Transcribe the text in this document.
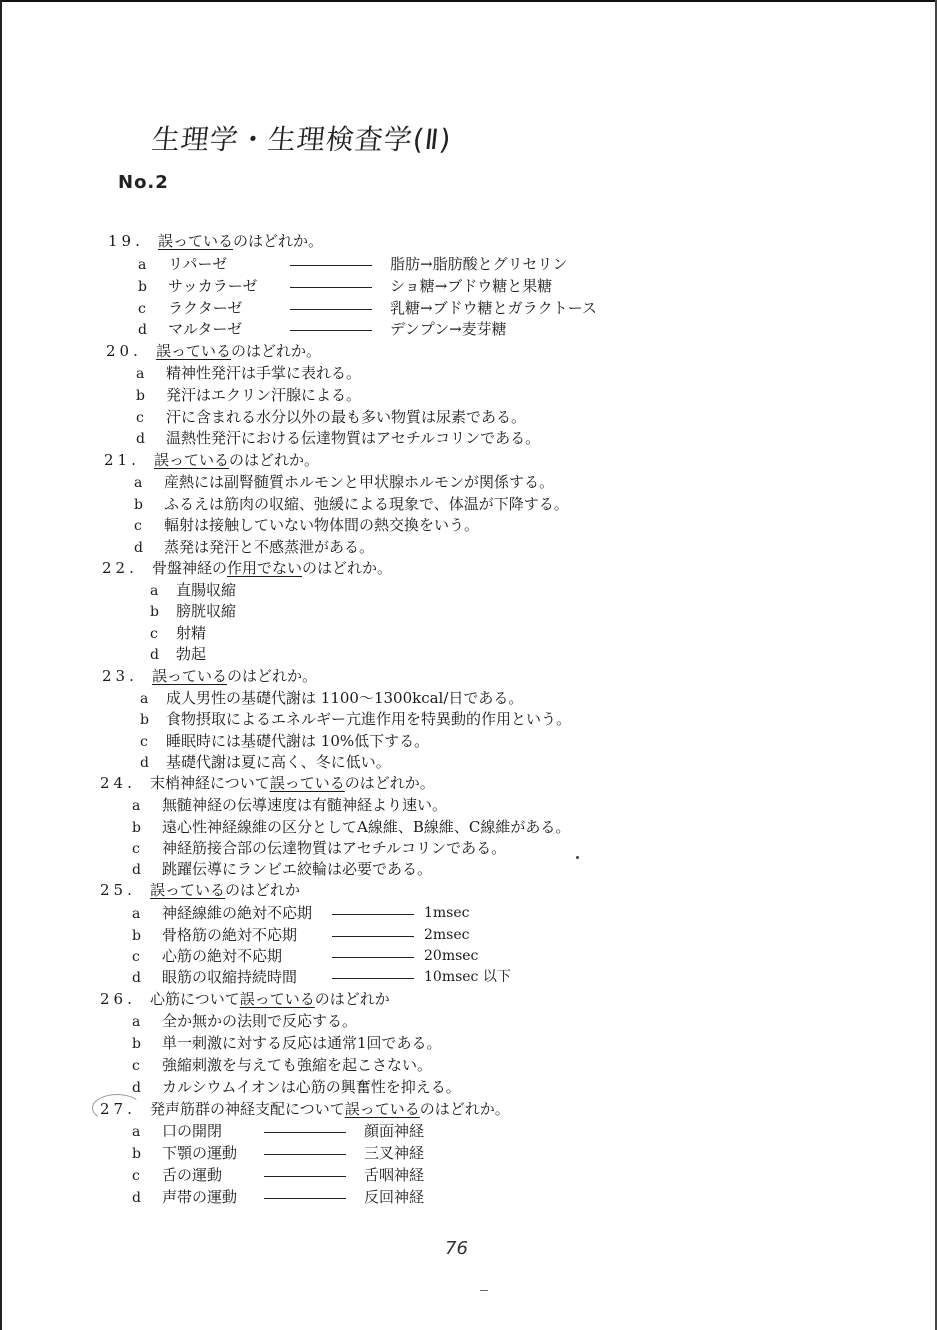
生理学・生理検査学(Ⅱ)
No.2
19. 誤っているのはどれか。
a リパーゼ	脂肪→脂肪酸とグリセリン
b サッカラーゼ	ショ糖→ブドウ糖と果糖
c ラクターゼ	乳糖→ブドウ糖とガラクトース
d マルターゼ	デンプン→麦芽糖
20. 誤っているのはどれか。
a 精神性発汗は手掌に表れる。
b 発汗はエクリン汗腺による。
c 汗に含まれる水分以外の最も多い物質は尿素である。
d 温熱性発汗における伝達物質はアセチルコリンである。
21. 誤っているのはどれか。
a 産熱には副腎髄質ホルモンと甲状腺ホルモンが関係する。
b ふるえは筋肉の収縮、弛緩による現象で、体温が下降する。
c 輻射は接触していない物体間の熱交換をいう。
d 蒸発は発汗と不感蒸泄がある。
22. 骨盤神経の作用でないのはどれか。
a 直腸収縮
b 膀胱収縮
c 射精
d 勃起
23. 誤っているのはどれか。
a 成人男性の基礎代謝は 1100～1300kcal/日である。
b 食物摂取によるエネルギー亢進作用を特異動的作用という。
c 睡眠時には基礎代謝は 10%低下する。
d 基礎代謝は夏に高く、冬に低い。
24. 末梢神経について誤っているのはどれか。
a 無髄神経の伝導速度は有髄神経より速い。
b 遠心性神経線維の区分としてA線維、B線維、C線維がある。
c 神経筋接合部の伝達物質はアセチルコリンである。
d 跳躍伝導にランビエ絞輪は必要である。
25. 誤っているのはどれか
a 神経線維の絶対不応期	1msec
b 骨格筋の絶対不応期	2msec
c 心筋の絶対不応期	20msec
d 眼筋の収縮持続時間	10msec 以下
26. 心筋について誤っているのはどれか
a 全か無かの法則で反応する。
b 単一刺激に対する反応は通常1回である。
c 強縮刺激を与えても強縮を起こさない。
d カルシウムイオンは心筋の興奮性を抑える。
27. 発声筋群の神経支配について誤っているのはどれか。
a 口の開閉	顔面神経
b 下顎の運動	三叉神経
c 舌の運動	舌咽神経
d 声帯の運動	反回神経
76
